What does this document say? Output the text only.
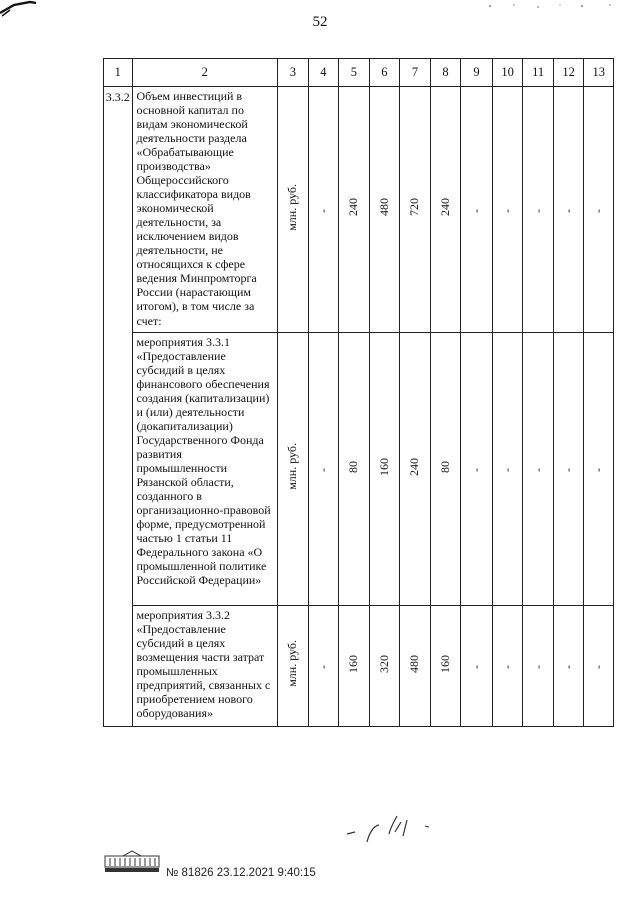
52
1	2	3	4	5	6	7	8	9	10	11	12	13
3.3.2	Объем инвестиций в основной капитал по видам экономической деятельности раздела «Обрабатывающие производства» Общероссийского классификатора видов экономической деятельности, за исключением видов деятельности, не относящихся к сфере ведения Минпромторга России (нарастающим итогом), в том числе за счет:	млн. руб.	-	240	480	720	240	-	-	-	-	-
	мероприятия 3.3.1 «Предоставление субсидий в целях финансового обеспечения создания (капитализации) и (или) деятельности (докапитализации) Государственного Фонда развития промышленности Рязанской области, созданного в организационно-правовой форме, предусмотренной частью 1 статьи 11 Федерального закона «О промышленной политике Российской Федерации»	млн. руб.	-	80	160	240	80	-	-	-	-	-
	мероприятия 3.3.2 «Предоставление субсидий в целях возмещения части затрат промышленных предприятий, связанных с приобретением нового оборудования»	млн. руб.	-	160	320	480	160	-	-	-	-	-
№ 81826 23.12.2021 9:40:15
